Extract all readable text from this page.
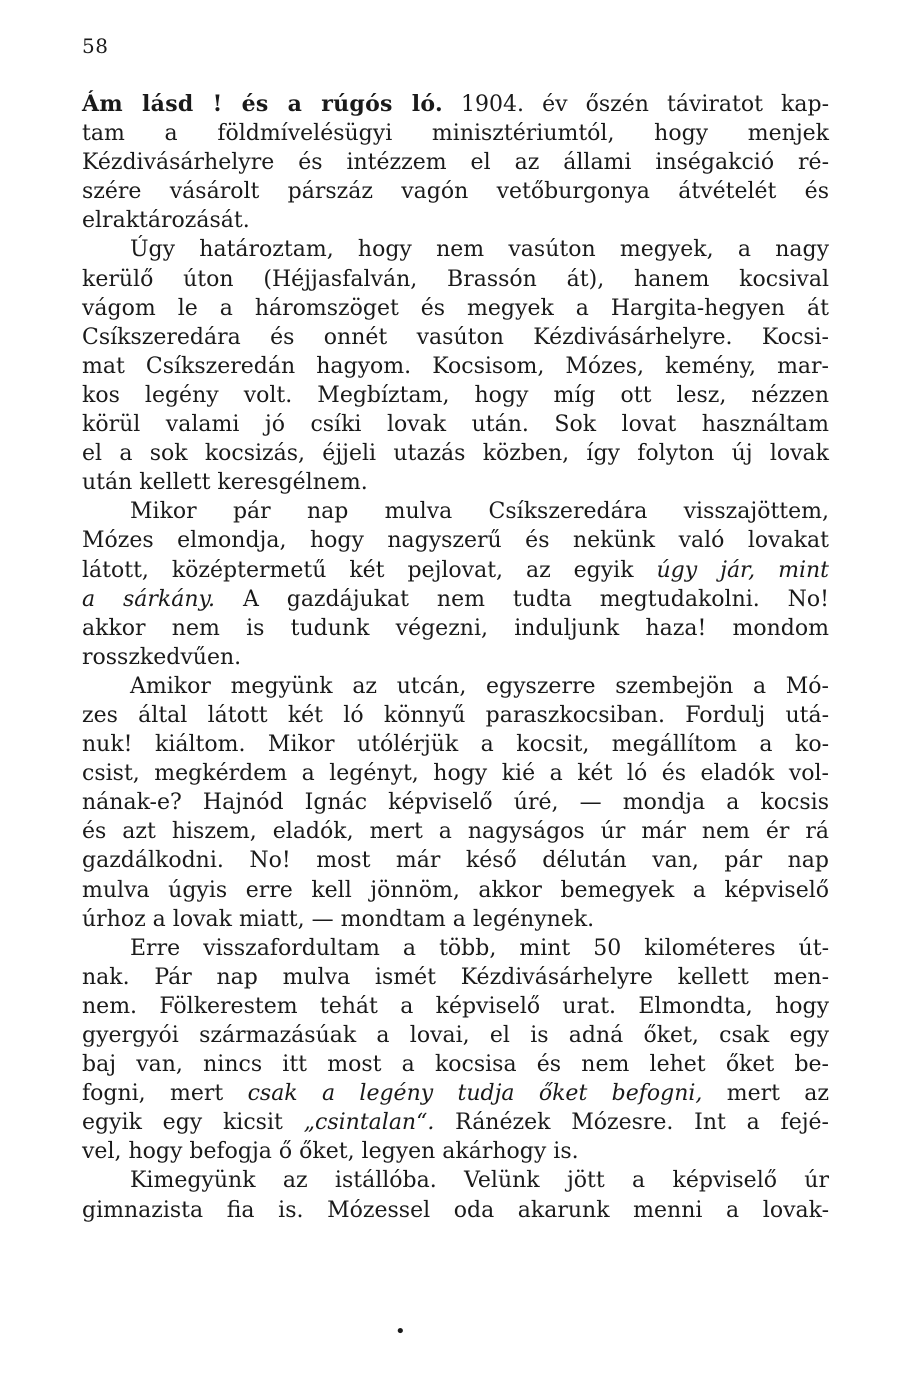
58
Ám lásd ! és a rúgós ló. 1904. év őszén táviratot kap-
tam a földmívelésügyi minisztériumtól, hogy menjek
Kézdivásárhelyre és intézzem el az állami inségakció ré-
szére vásárolt párszáz vagón vetőburgonya átvételét és
elraktározását.
Úgy határoztam, hogy nem vasúton megyek, a nagy
kerülő úton (Héjjasfalván, Brassón át), hanem kocsival
vágom le a háromszöget és megyek a Hargita-hegyen át
Csíkszeredára és onnét vasúton Kézdivásárhelyre. Kocsi-
mat Csíkszeredán hagyom. Kocsisom, Mózes, kemény, mar-
kos legény volt. Megbíztam, hogy míg ott lesz, nézzen
körül valami jó csíki lovak után. Sok lovat használtam
el a sok kocsizás, éjjeli utazás közben, így folyton új lovak
után kellett keresgélnem.
Mikor pár nap mulva Csíkszeredára visszajöttem,
Mózes elmondja, hogy nagyszerű és nekünk való lovakat
látott, középtermetű két pejlovat, az egyik úgy jár, mint
a sárkány. A gazdájukat nem tudta megtudakolni. No!
akkor nem is tudunk végezni, induljunk haza! mondom
rosszkedvűen.
Amikor megyünk az utcán, egyszerre szembejön a Mó-
zes által látott két ló könnyű paraszkocsiban. Fordulj utá-
nuk! kiáltom. Mikor utólérjük a kocsit, megállítom a ko-
csist, megkérdem a legényt, hogy kié a két ló és eladók vol-
nának-e? Hajnód Ignác képviselő úré, — mondja a kocsis
és azt hiszem, eladók, mert a nagyságos úr már nem ér rá
gazdálkodni. No! most már késő délután van, pár nap
mulva úgyis erre kell jönnöm, akkor bemegyek a képviselő
úrhoz a lovak miatt, — mondtam a legénynek.
Erre visszafordultam a több, mint 50 kilométeres út-
nak. Pár nap mulva ismét Kézdivásárhelyre kellett men-
nem. Fölkerestem tehát a képviselő urat. Elmondta, hogy
gyergyói származásúak a lovai, el is adná őket, csak egy
baj van, nincs itt most a kocsisa és nem lehet őket be-
fogni, mert csak a legény tudja őket befogni, mert az
egyik egy kicsit „csintalan“. Ránézek Mózesre. Int a fejé-
vel, hogy befogja ő őket, legyen akárhogy is.
Kimegyünk az istállóba. Velünk jött a képviselő úr
gimnazista fia is. Mózessel oda akarunk menni a lovak-
•
